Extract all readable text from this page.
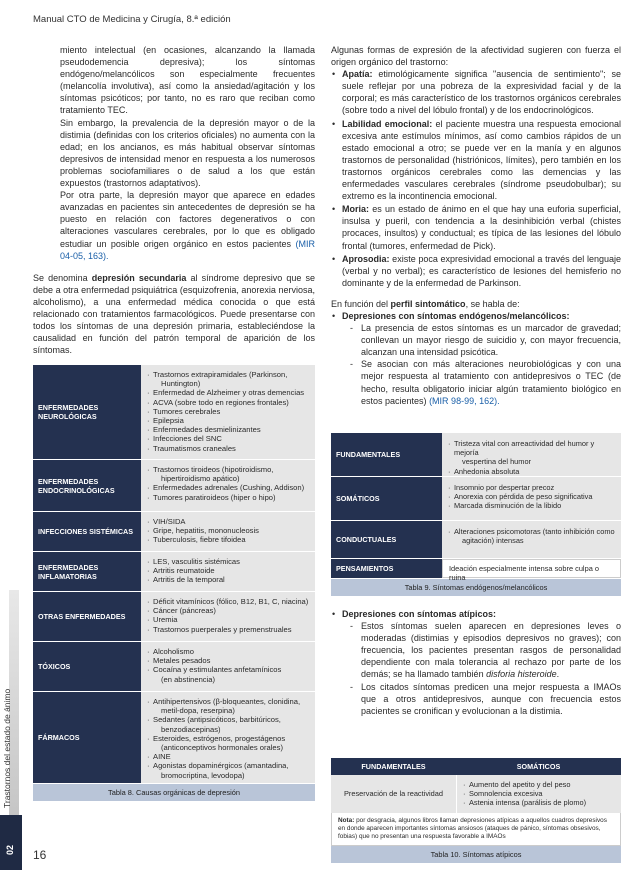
Manual CTO de Medicina y Cirugía, 8.ª edición
Trastornos del estado de ánimo
02

miento intelectual (en ocasiones, alcanzando la llamada pseudodemencia depresiva); los síntomas endógeno/melancólicos son especialmente frecuentes (melancolía involutiva), así como la ansiedad/agitación y los síntomas psicóticos; por tanto, no es raro que reciban como tratamiento TEC.

Sin embargo, la prevalencia de la depresión mayor o de la distimia (definidas con los criterios oficiales) no aumenta con la edad; en los ancianos, es más habitual observar síntomas depresivos de intensidad menor en respuesta a los numerosos problemas sociofamiliares o de salud a los que están expuestos (trastornos adaptativos).

Por otra parte, la depresión mayor que aparece en edades avanzadas en pacientes sin antecedentes de depresión se ha puesto en relación con factores degenerativos o con alteraciones vasculares cerebrales, por lo que es obligado estudiar un posible origen orgánico en estos pacientes (MIR 04-05, 163).

Se denomina depresión secundaria al síndrome depresivo que se debe a otra enfermedad psiquiátrica (esquizofrenia, anorexia nerviosa, alcoholismo), a una enfermedad médica conocida o que está relacionado con tratamientos farmacológicos. Puede presentarse con todos los síntomas de una depresión primaria, estableciéndose la causalidad en función del patrón temporal de aparición de los síntomas.

ENFERMEDADES NEUROLÓGICAS
· Trastornos extrapiramidales (Parkinson,
Huntington)
· Enfermedad de Alzheimer y otras demencias
· ACVA (sobre todo en regiones frontales)
· Tumores cerebrales
· Epilepsia
· Enfermedades desmielinizantes
· Infecciones del SNC
· Traumatismos craneales
ENFERMEDADES ENDOCRINOLÓGICAS
· Trastornos tiroideos (hipotiroidismo,
hipertiroidismo apático)
· Enfermedades adrenales (Cushing, Addison)
· Tumores paratiroideos (hiper o hipo)
INFECCIONES SISTÉMICAS
· VIH/SIDA
· Gripe, hepatitis, mononucleosis
· Tuberculosis, fiebre tifoidea
ENFERMEDADES INFLAMATORIAS
· LES, vasculitis sistémicas
· Artritis reumatoide
· Artritis de la temporal
OTRAS ENFERMEDADES
· Déficit vitamínicos (fólico, B12, B1, C, niacina)
· Cáncer (páncreas)
· Uremia
· Trastornos puerperales y premenstruales
TÓXICOS
· Alcoholismo
· Metales pesados
· Cocaína y estimulantes anfetamínicos
(en abstinencia)
FÁRMACOS
· Antihipertensivos (β-bloqueantes, clonidina,
metil-dopa, reserpina)
· Sedantes (antipsicóticos, barbitúricos,
benzodiacepinas)
· Esteroides, estrógenos, progestágenos
(anticonceptivos hormonales orales)
· AINE
· Agonistas dopaminérgicos (amantadina,
bromocriptina, levodopa)
Tabla 8. Causas orgánicas de depresión

Algunas formas de expresión de la afectividad sugieren con fuerza el origen orgánico del trastorno:

• Apatía: etimológicamente significa "ausencia de sentimiento"; se suele reflejar por una pobreza de la expresividad facial y de la corporal; es más característico de los trastornos orgánicos cerebrales (sobre todo a nivel del lóbulo frontal) y de los endocrinológicos.
• Labilidad emocional: el paciente muestra una respuesta emocional excesiva ante estímulos mínimos, así como cambios rápidos de un estado emocional a otro; se puede ver en la manía y en algunos trastornos de personalidad (histriónicos, límites), pero también en los trastornos orgánicos cerebrales como las demencias y las enfermedades vasculares cerebrales (síndrome pseudobulbar); su extremo es la incontinencia emocional.
• Moria: es un estado de ánimo en el que hay una euforia superficial, insulsa y pueril, con tendencia a la desinhibición verbal (chistes procaces, insultos) y conductual; es típica de las lesiones del lóbulo frontal (tumores, enfermedad de Pick).
• Aprosodia: existe poca expresividad emocional a través del lenguaje (verbal y no verbal); es característico de lesiones del hemisferio no dominante y de la enfermedad de Parkinson.

En función del perfil sintomático, se habla de:

• Depresiones con síntomas endógenos/melancólicos:
- La presencia de estos síntomas es un marcador de gravedad; conllevan un mayor riesgo de suicidio y, con mayor frecuencia, alcanzan una intensidad psicótica.
- Se asocian con más alteraciones neurobiológicas y con una mejor respuesta al tratamiento con antidepresivos o TEC (de hecho, resulta obligatorio iniciar algún tratamiento biológico en estos pacientes) (MIR 98-99, 162).
FUNDAMENTALES
· Tristeza vital con arreactividad del humor y mejoría
vespertina del humor
· Anhedonia absoluta
SOMÁTICOS
· Insomnio por despertar precoz
· Anorexia con pérdida de peso significativa
· Marcada disminución de la libido
CONDUCTUALES
· Alteraciones psicomotoras (tanto inhibición como
agitación) intensas
PENSAMIENTOS	Ideación especialmente intensa sobre culpa o ruina
Tabla 9. Síntomas endógenos/melancólicos
• Depresiones con síntomas atípicos:
- Estos síntomas suelen aparecen en depresiones leves o moderadas (distimias y episodios depresivos no graves); con frecuencia, los pacientes presentan rasgos de personalidad dependiente con mala tolerancia al rechazo por parte de los demás; se ha llamado también disforia histeroide.
- Los citados síntomas predicen una mejor respuesta a IMAOs que a otros antidepresivos, aunque con frecuencia estos pacientes se cronifican y evolucionan a la distimia.
FUNDAMENTALES	SOMÁTICOS
Preservación de la reactividad
· Aumento del apetito y del peso
· Somnolencia excesiva
· Astenia intensa (parálisis de plomo)
Nota: por desgracia, algunos libros llaman depresiones atípicas a aquellos cuadros depresivos en donde aparecen importantes síntomas ansiosos (ataques de pánico, síntomas obsesivos, fobias) que no presentan una respuesta favorable a IMAOs
Tabla 10. Síntomas atípicos
16
